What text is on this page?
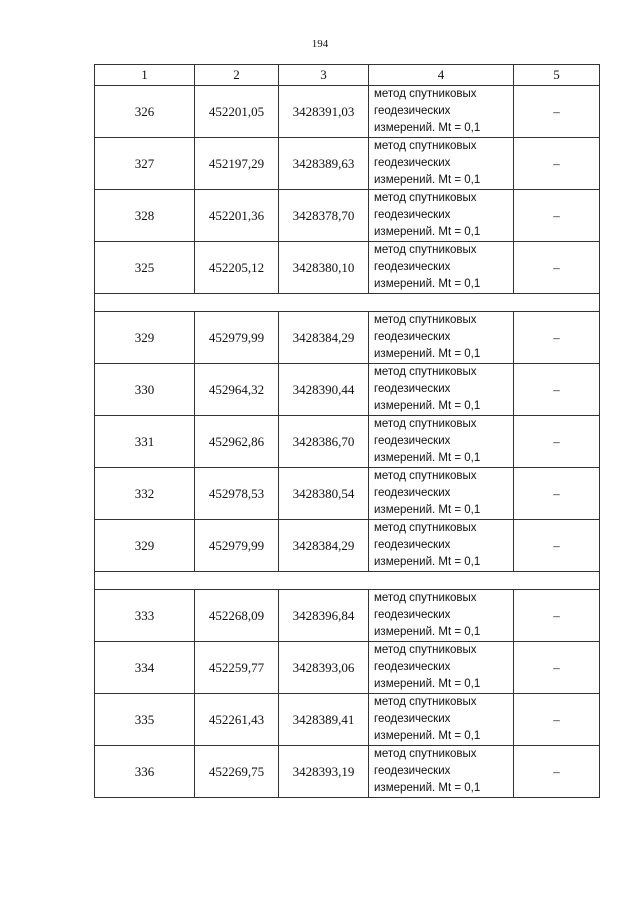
194
1	2	3	4	5
326	452201,05	3428391,03	метод спутниковых
геодезических
измерений. Mt = 0,1	–
327	452197,29	3428389,63	метод спутниковых
геодезических
измерений. Mt = 0,1	–
328	452201,36	3428378,70	метод спутниковых
геодезических
измерений. Mt = 0,1	–
325	452205,12	3428380,10	метод спутниковых
геодезических
измерений. Mt = 0,1	–

329	452979,99	3428384,29	метод спутниковых
геодезических
измерений. Mt = 0,1	–
330	452964,32	3428390,44	метод спутниковых
геодезических
измерений. Mt = 0,1	–
331	452962,86	3428386,70	метод спутниковых
геодезических
измерений. Mt = 0,1	–
332	452978,53	3428380,54	метод спутниковых
геодезических
измерений. Mt = 0,1	–
329	452979,99	3428384,29	метод спутниковых
геодезических
измерений. Mt = 0,1	–

333	452268,09	3428396,84	метод спутниковых
геодезических
измерений. Mt = 0,1	–
334	452259,77	3428393,06	метод спутниковых
геодезических
измерений. Mt = 0,1	–
335	452261,43	3428389,41	метод спутниковых
геодезических
измерений. Mt = 0,1	–
336	452269,75	3428393,19	метод спутниковых
геодезических
измерений. Mt = 0,1	–
